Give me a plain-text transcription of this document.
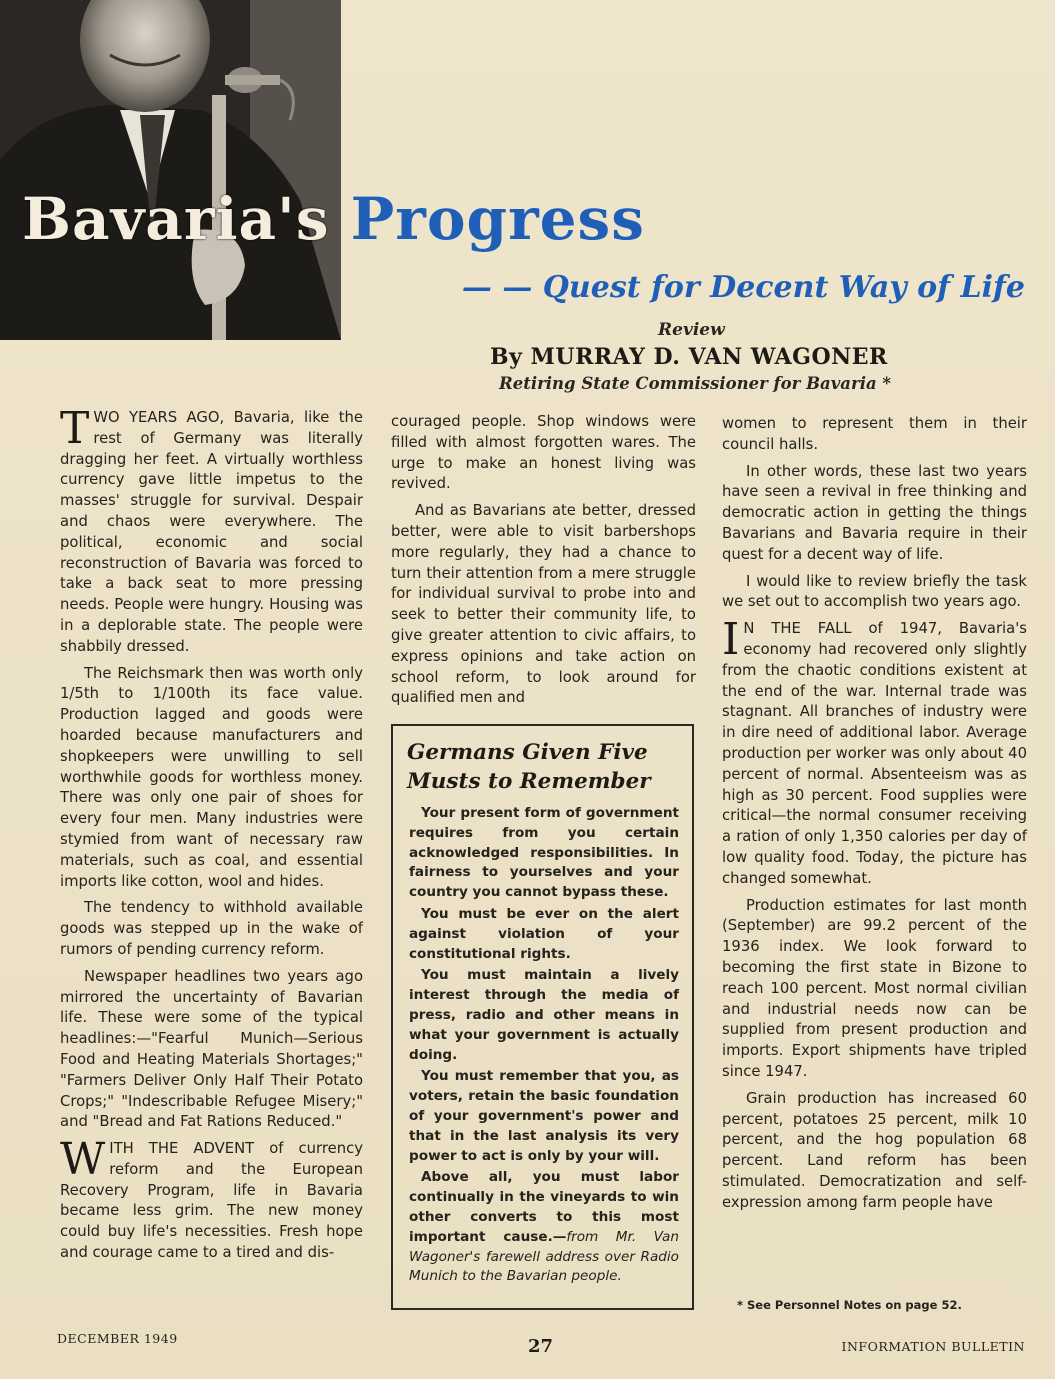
Bavaria's Progress
— — Quest for Decent Way of Life
Review
By MURRAY D. VAN WAGONER
Retiring State Commissioner for Bavaria *

TWO YEARS AGO, Bavaria, like the rest of Germany was literally dragging her feet. A virtually worthless currency gave little impetus to the masses' struggle for survival. Despair and chaos were everywhere. The political, economic and social reconstruction of Bavaria was forced to take a back seat to more pressing needs. People were hungry. Housing was in a deplorable state. The people were shabbily dressed.

The Reichsmark then was worth only 1/5th to 1/100th its face value. Production lagged and goods were hoarded because manufacturers and shopkeepers were unwilling to sell worthwhile goods for worthless money. There was only one pair of shoes for every four men. Many industries were stymied from want of necessary raw materials, such as coal, and essential imports like cotton, wool and hides.

The tendency to withhold available goods was stepped up in the wake of rumors of pending currency reform.

Newspaper headlines two years ago mirrored the uncertainty of Bavarian life. These were some of the typical headlines:—"Fearful Munich—Serious Food and Heating Materials Shortages;" "Farmers Deliver Only Half Their Potato Crops;" "Indescribable Refugee Misery;" and "Bread and Fat Rations Reduced."

WITH THE ADVENT of currency reform and the European Recovery Program, life in Bavaria became less grim. The new money could buy life's necessities. Fresh hope and courage came to a tired and dis-

couraged people. Shop windows were filled with almost forgotten wares. The urge to make an honest living was revived.

And as Bavarians ate better, dressed better, were able to visit barbershops more regularly, they had a chance to turn their attention from a mere struggle for individual survival to probe into and seek to better their community life, to give greater attention to civic affairs, to express opinions and take action on school reform, to look around for qualified men and

Germans Given Five Musts to Remember

Your present form of government requires from you certain acknowledged responsibilities. In fairness to yourselves and your country you cannot bypass these.

You must be ever on the alert against violation of your constitutional rights.

You must maintain a lively interest through the media of press, radio and other means in what your government is actually doing.

You must remember that you, as voters, retain the basic foundation of your government's power and that in the last analysis its very power to act is only by your will.

Above all, you must labor continually in the vineyards to win other converts to this most important cause.—from Mr. Van Wagoner's farewell address over Radio Munich to the Bavarian people.

women to represent them in their council halls.

In other words, these last two years have seen a revival in free thinking and democratic action in getting the things Bavarians and Bavaria require in their quest for a decent way of life.

I would like to review briefly the task we set out to accomplish two years ago.

I N THE FALL of 1947, Bavaria's economy had recovered only slightly from the chaotic conditions existent at the end of the war. Internal trade was stagnant. All branches of industry were in dire need of additional labor. Average production per worker was only about 40 percent of normal. Absenteeism was as high as 30 percent. Food supplies were critical—the normal consumer receiving a ration of only 1,350 calories per day of low quality food. Today, the picture has changed somewhat.

Production estimates for last month (September) are 99.2 percent of the 1936 index. We look forward to becoming the first state in Bizone to reach 100 percent. Most normal civilian and industrial needs now can be supplied from present production and imports. Export shipments have tripled since 1947.

Grain production has increased 60 percent, potatoes 25 percent, milk 10 percent, and the hog population 68 percent. Land reform has been stimulated. Democratization and self-expression among farm people have

* See Personnel Notes on page 52.
DECEMBER 1949	27	INFORMATION BULLETIN
